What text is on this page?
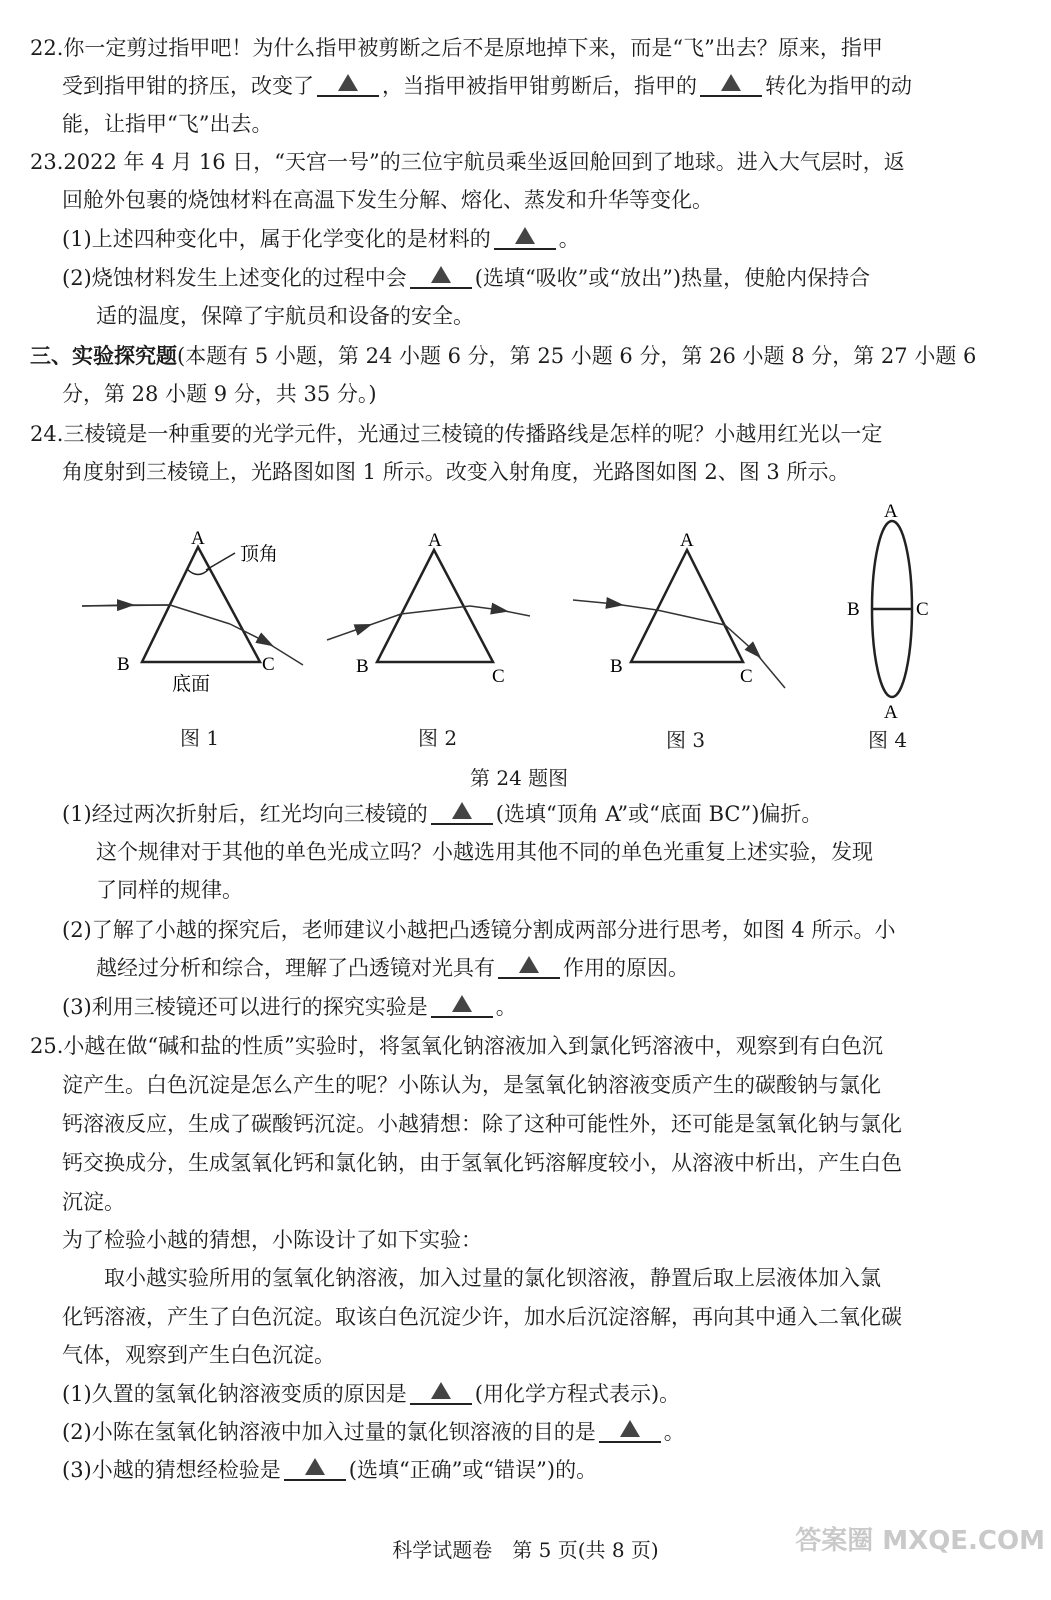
22.你一定剪过指甲吧！为什么指甲被剪断之后不是原地掉下来，而是“飞”出去？原来，指甲
受到指甲钳的挤压，改变了	，当指甲被指甲钳剪断后，指甲的	转化为指甲的动
能，让指甲“飞”出去。
23.2022 年 4 月 16 日，“天宫一号”的三位宇航员乘坐返回舱回到了地球。进入大气层时，返
回舱外包裹的烧蚀材料在高温下发生分解、熔化、蒸发和升华等变化。
(1)上述四种变化中，属于化学变化的是材料的	。
(2)烧蚀材料发生上述变化的过程中会	(选填“吸收”或“放出”)热量，使舱内保持合
适的温度，保障了宇航员和设备的安全。
三、实验探究题(本题有 5 小题，第 24 小题 6 分，第 25 小题 6 分，第 26 小题 8 分，第 27 小题 6
分，第 28 小题 9 分，共 35 分。)
24.三棱镜是一种重要的光学元件，光通过三棱镜的传播路线是怎样的呢？小越用红光以一定
角度射到三棱镜上，光路图如图 1 所示。改变入射角度，光路图如图 2、图 3 所示。
A
B	C
顶角
底面
A
B	C
A
B	C
A
B	C
A
图 1	图 2	图 3	图 4
第 24 题图
(1)经过两次折射后，红光均向三棱镜的	(选填“顶角 A”或“底面 BC”)偏折。
这个规律对于其他的单色光成立吗？小越选用其他不同的单色光重复上述实验，发现
了同样的规律。
(2)了解了小越的探究后，老师建议小越把凸透镜分割成两部分进行思考，如图 4 所示。小
越经过分析和综合，理解了凸透镜对光具有	作用的原因。
(3)利用三棱镜还可以进行的探究实验是	。
25.小越在做“碱和盐的性质”实验时，将氢氧化钠溶液加入到氯化钙溶液中，观察到有白色沉
淀产生。白色沉淀是怎么产生的呢？小陈认为，是氢氧化钠溶液变质产生的碳酸钠与氯化
钙溶液反应，生成了碳酸钙沉淀。小越猜想：除了这种可能性外，还可能是氢氧化钠与氯化
钙交换成分，生成氢氧化钙和氯化钠，由于氢氧化钙溶解度较小，从溶液中析出，产生白色
沉淀。
为了检验小越的猜想，小陈设计了如下实验：
取小越实验所用的氢氧化钠溶液，加入过量的氯化钡溶液，静置后取上层液体加入氯
化钙溶液，产生了白色沉淀。取该白色沉淀少许，加水后沉淀溶解，再向其中通入二氧化碳
气体，观察到产生白色沉淀。
(1)久置的氢氧化钠溶液变质的原因是	(用化学方程式表示)。
(2)小陈在氢氧化钠溶液中加入过量的氯化钡溶液的目的是	。
(3)小越的猜想经检验是	(选填“正确”或“错误”)的。
科学试题卷　第 5 页(共 8 页)	答案圈 MXQE.COM
